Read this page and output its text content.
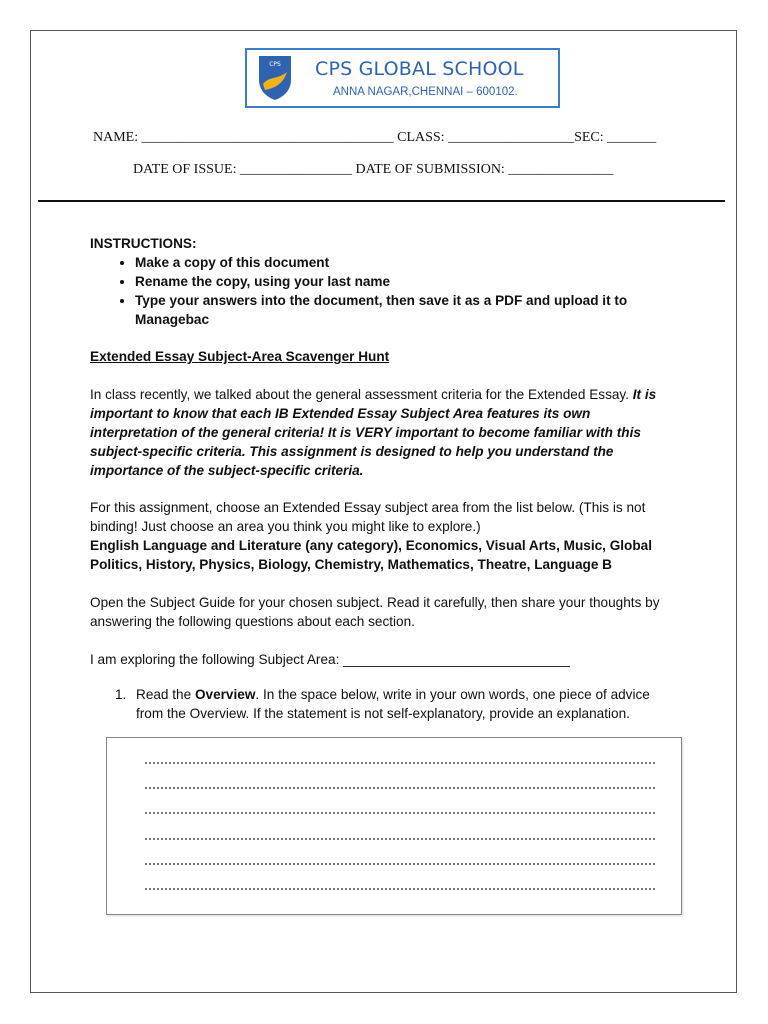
CPS CPS GLOBAL SCHOOL
ANNA NAGAR,CHENNAI – 600102.
NAME: ____________________________________ CLASS: __________________SEC: _______
DATE OF ISSUE: ________________ DATE OF SUBMISSION: _______________
INSTRUCTIONS:
• Make a copy of this document
• Rename the copy, using your last name
• Type your answers into the document, then save it as a PDF and upload it to Managebac
Extended Essay Subject-Area Scavenger Hunt
In class recently, we talked about the general assessment criteria for the Extended Essay. It is important to know that each IB Extended Essay Subject Area features its own interpretation of the general criteria! It is VERY important to become familiar with this subject-specific criteria. This assignment is designed to help you understand the importance of the subject-specific criteria.
For this assignment, choose an Extended Essay subject area from the list below. (This is not binding! Just choose an area you think you might like to explore.)
English Language and Literature (any category), Economics, Visual Arts, Music, Global Politics, History, Physics, Biology, Chemistry, Mathematics, Theatre, Language B
Open the Subject Guide for your chosen subject. Read it carefully, then share your thoughts by answering the following questions about each section.
I am exploring the following Subject Area: ______________________________
1. Read the Overview. In the space below, write in your own words, one piece of advice from the Overview. If the statement is not self-explanatory, provide an explanation.
